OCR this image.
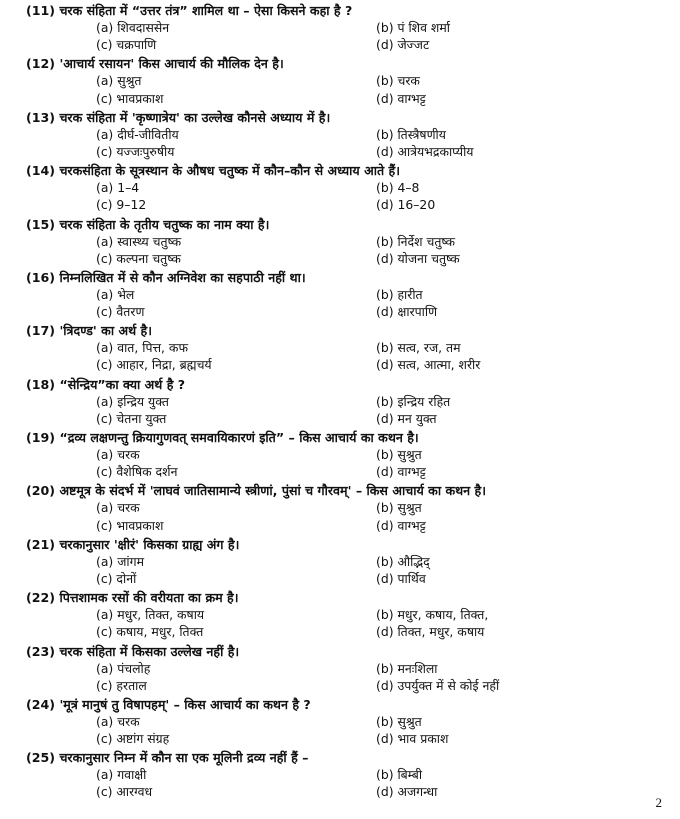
(11) चरक संहिता में “उत्तर तंत्र” शामिल था – ऐसा किसने कहा है ?
(a) शिवदाससेन	(b) पं शिव शर्मा
(c) चक्रपाणि	(d) जेज्जट
(12) 'आचार्य रसायन' किस आचार्य की मौलिक देन है।
(a) सुश्रुत	(b) चरक
(c) भावप्रकाश	(d) वाग्भट्ट
(13) चरक संहिता में 'कृष्णात्रेय' का उल्लेख कौनसे अध्याय में है।
(a) दीर्घ-जीवितीय	(b) तिस्त्रैषणीय
(c) यज्जःपुरुषीय	(d) आत्रेयभद्रकाप्यीय
(14) चरकसंहिता के सूत्रस्थान के औषध चतुष्क में कौन–कौन से अध्याय आते हैं।
(a) 1–4	(b) 4–8
(c) 9–12	(d) 16–20
(15) चरक संहिता के तृतीय चतुष्क का नाम क्या है।
(a) स्वास्थ्य चतुष्क	(b) निर्देश चतुष्क
(c) कल्पना चतुष्क	(d) योजना चतुष्क
(16) निम्नलिखित में से कौन अग्निवेश का सहपाठी नहीं था।
(a) भेल	(b) हारीत
(c) वैतरण	(d) क्षारपाणि
(17) 'त्रिदण्ड' का अर्थ है।
(a) वात, पित्त, कफ	(b) सत्व, रज, तम
(c) आहार, निद्रा, ब्रह्मचर्य	(d) सत्व, आत्मा, शरीर
(18) “सेन्द्रिय”का क्या अर्थ है ?
(a) इन्द्रिय युक्त	(b) इन्द्रिय रहित
(c) चेतना युक्त	(d) मन युक्त
(19) “द्रव्य लक्षणन्तु क्रियागुणवत् समवायिकारणं इति” – किस आचार्य का कथन है।
(a) चरक	(b) सुश्रुत
(c) वैशेषिक दर्शन	(d) वाग्भट्ट
(20) अष्टमूत्र के संदर्भ में 'लाघवं जातिसामान्ये स्त्रीणां, पुंसां च गौरवम्' – किस आचार्य का कथन है।
(a) चरक	(b) सुश्रुत
(c) भावप्रकाश	(d) वाग्भट्ट
(21) चरकानुसार 'क्षीरं' किसका ग्राह्य अंग है।
(a) जांगम	(b) औद्भिद्
(c) दोनों	(d) पार्थिव
(22) पित्तशामक रसों की वरीयता का क्रम है।
(a) मधुर, तिक्त, कषाय	(b) मधुर, कषाय, तिक्त,
(c) कषाय, मधुर, तिक्त	(d) तिक्त, मधुर, कषाय
(23) चरक संहिता में किसका उल्लेख नहीं है।
(a) पंचलोह	(b) मनःशिला
(c) हरताल	(d) उपर्युक्त में से कोई नहीं
(24) 'मूत्रं मानुषं तु विषापहम्' – किस आचार्य का कथन है ?
(a) चरक	(b) सुश्रुत
(c) अष्टांग संग्रह	(d) भाव प्रकाश
(25) चरकानुसार निम्न में कौन सा एक मूलिनी द्रव्य नहीं हैं –
(a) गवाक्षी	(b) बिम्बी
(c) आरग्वध	(d) अजगन्धा
2
